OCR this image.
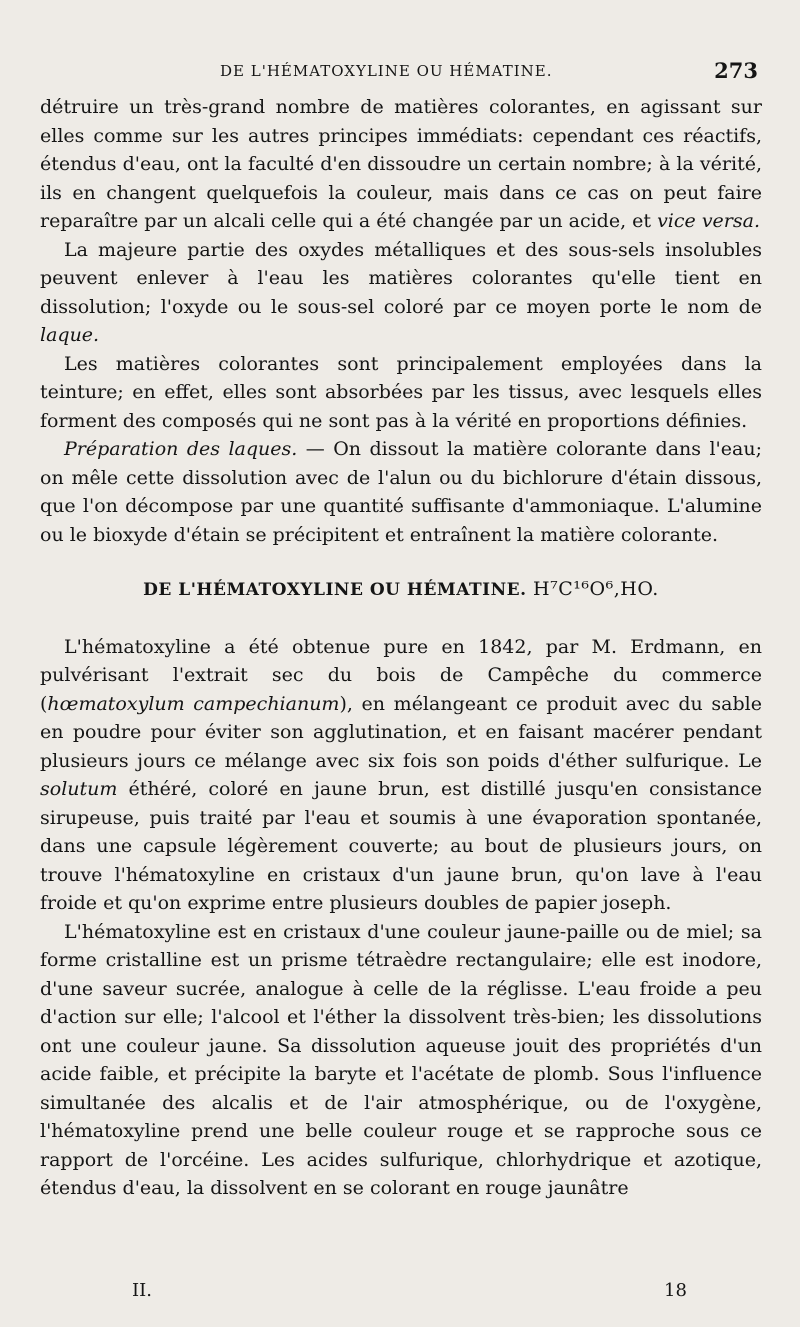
DE L'HÉMATOXYLINE OU HÉMATINE.	273

détruire un très-grand nombre de matières colorantes, en agissant sur elles comme sur les autres principes immédiats: cependant ces réactifs, étendus d'eau, ont la faculté d'en dissoudre un certain nombre; à la vérité, ils en changent quelquefois la couleur, mais dans ce cas on peut faire reparaître par un alcali celle qui a été changée par un acide, et vice versa.

La majeure partie des oxydes métalliques et des sous-sels insolubles peuvent enlever à l'eau les matières colorantes qu'elle tient en dissolution; l'oxyde ou le sous-sel coloré par ce moyen porte le nom de laque.

Les matières colorantes sont principalement employées dans la teinture; en effet, elles sont absorbées par les tissus, avec lesquels elles forment des composés qui ne sont pas à la vérité en proportions définies.

Préparation des laques. — On dissout la matière colorante dans l'eau; on mêle cette dissolution avec de l'alun ou du bichlorure d'étain dissous, que l'on décompose par une quantité suffisante d'ammoniaque. L'alumine ou le bioxyde d'étain se précipitent et entraînent la matière colorante.

DE L'HÉMATOXYLINE OU HÉMATINE. H⁷C¹⁶O⁶,HO.

L'hématoxyline a été obtenue pure en 1842, par M. Erdmann, en pulvérisant l'extrait sec du bois de Campêche du commerce (hœmatoxylum campechianum), en mélangeant ce produit avec du sable en poudre pour éviter son agglutination, et en faisant macérer pendant plusieurs jours ce mélange avec six fois son poids d'éther sulfurique. Le solutum éthéré, coloré en jaune brun, est distillé jusqu'en consistance sirupeuse, puis traité par l'eau et soumis à une évaporation spontanée, dans une capsule légèrement couverte; au bout de plusieurs jours, on trouve l'hématoxyline en cristaux d'un jaune brun, qu'on lave à l'eau froide et qu'on exprime entre plusieurs doubles de papier joseph.

L'hématoxyline est en cristaux d'une couleur jaune-paille ou de miel; sa forme cristalline est un prisme tétraèdre rectangulaire; elle est inodore, d'une saveur sucrée, analogue à celle de la réglisse. L'eau froide a peu d'action sur elle; l'alcool et l'éther la dissolvent très-bien; les dissolutions ont une couleur jaune. Sa dissolution aqueuse jouit des propriétés d'un acide faible, et précipite la baryte et l'acétate de plomb. Sous l'influence simultanée des alcalis et de l'air atmosphérique, ou de l'oxygène, l'hématoxyline prend une belle couleur rouge et se rapproche sous ce rapport de l'orcéine. Les acides sulfurique, chlorhydrique et azotique, étendus d'eau, la dissolvent en se colorant en rouge jaunâtre

II.	18
